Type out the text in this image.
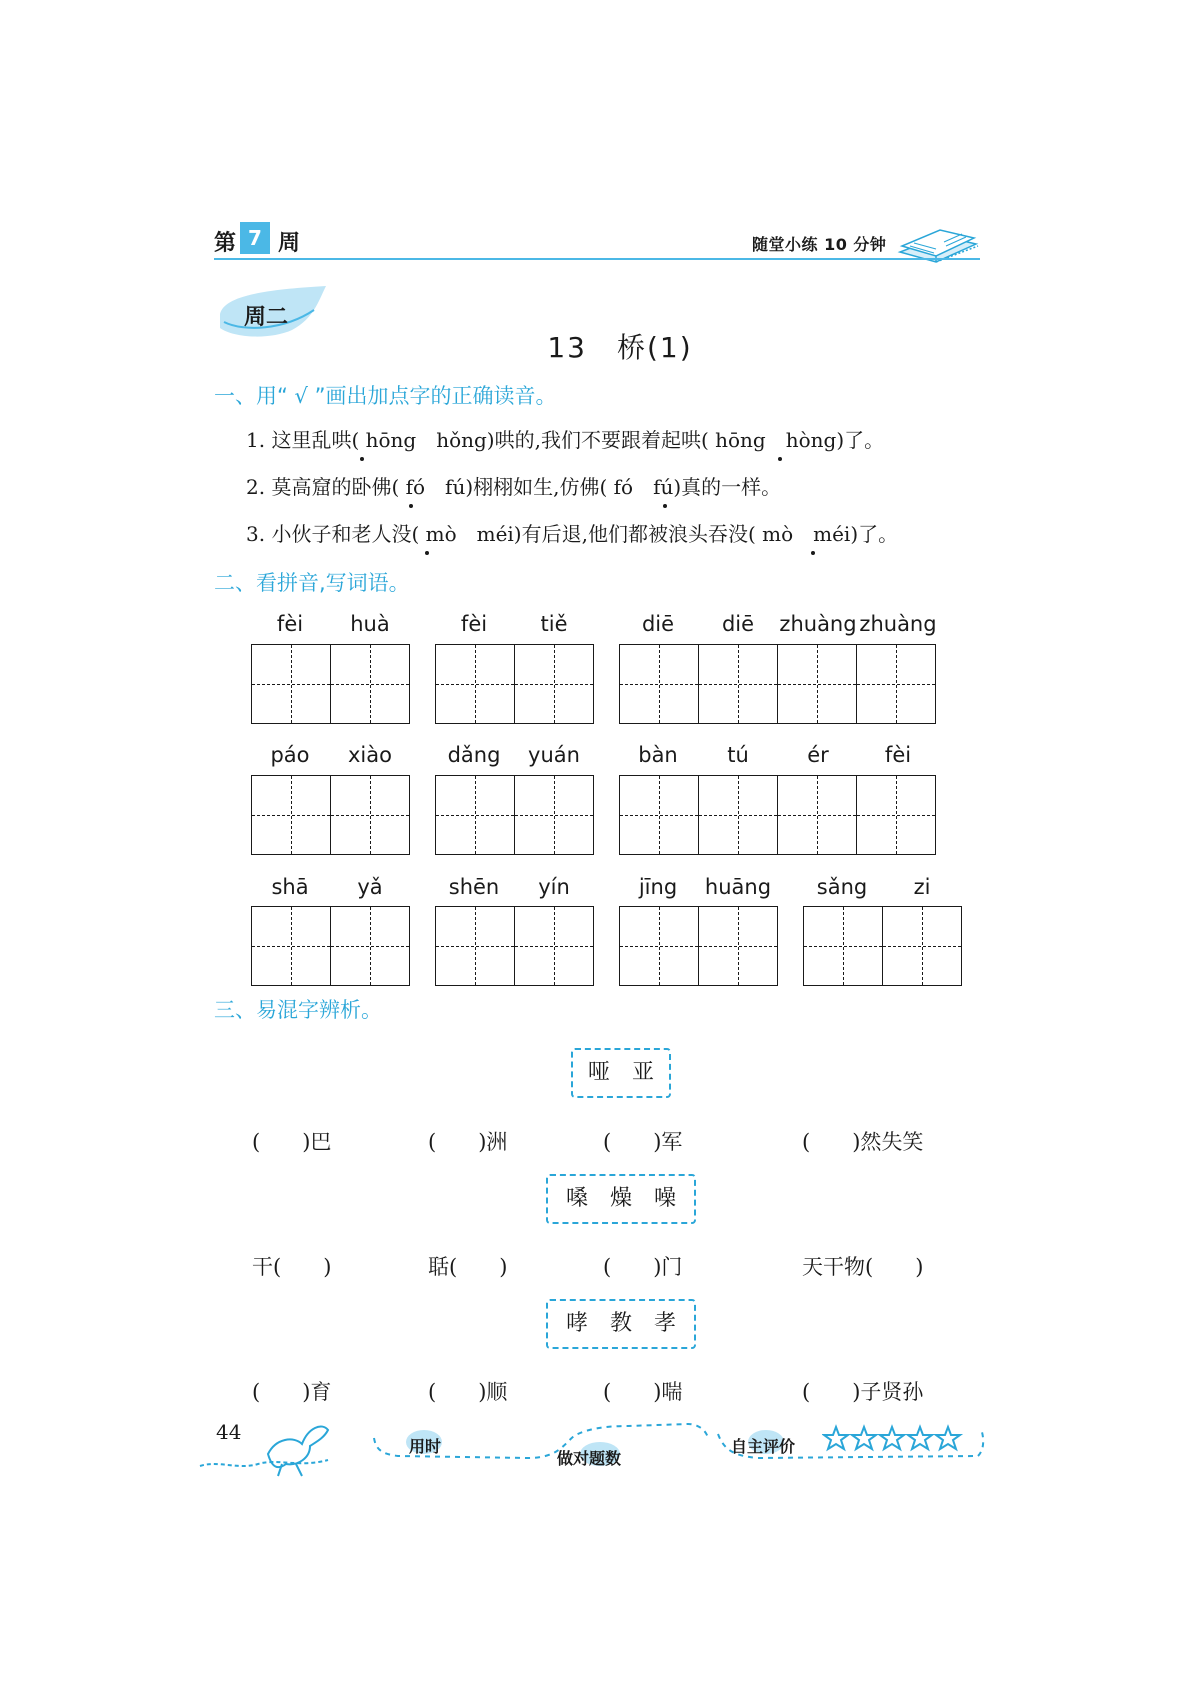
第 7 周	随堂小练 10 分钟
周二
13　桥(1)
一、用“ √ ”画出加点字的正确读音。
1. 这里乱哄( hōng　hǒng)哄的,我们不要跟着起哄( hōng　hòng)了。
2. 莫高窟的卧佛( fó　fú)栩栩如生,仿佛( fó　fú)真的一样。
3. 小伙子和老人没( mò　méi)有后退,他们都被浪头吞没( mò　méi)了。
二、看拼音,写词语。
fèi	huà	fèi	tiě	diē	diē	zhuàng zhuàng
páo	xiào	dǎng	yuán	bàn	tú	ér	fèi
shā	yǎ	shēn	yín	jīng	huāng	sǎng	zi
三、易混字辨析。
哑　亚
(　　)巴	(　　)洲	(　　)军	(　　)然失笑
嗓　燥　噪
干(　　)	聒(　　)	(　　)门	天干物(　　)
哮　教　孝
(　　)育	(　　)顺	(　　)喘	(　　)子贤孙
44
用时
做对题数
自主评价
